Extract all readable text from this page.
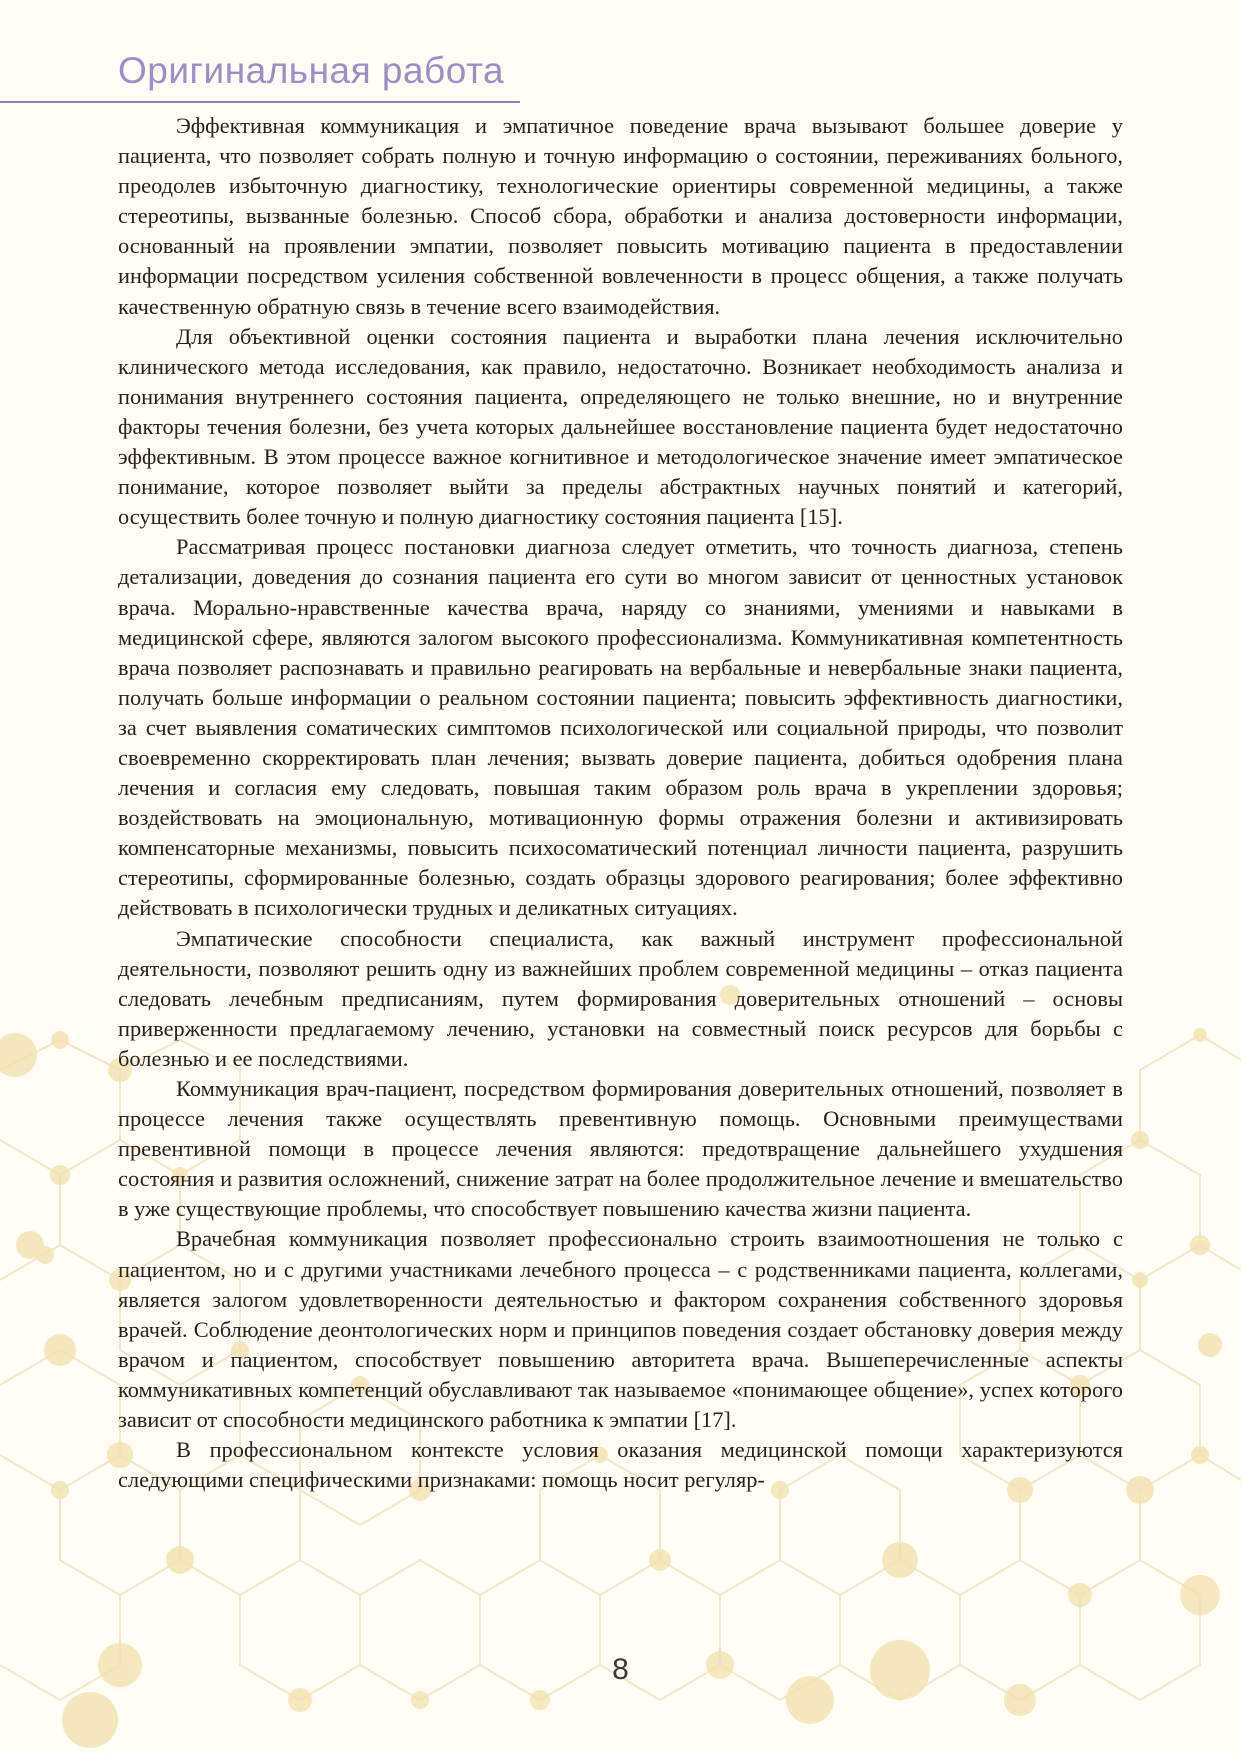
Оригинальная работа

Эффективная коммуникация и эмпатичное поведение врача вызывают большее доверие у пациента, что позволяет собрать полную и точную информацию о состоянии, переживаниях больного, преодолев избыточную диагностику, технологические ориентиры современной медицины, а также стереотипы, вызванные болезнью. Способ сбора, обработки и анализа достоверности информации, основанный на проявлении эмпатии, позволяет повысить мотивацию пациента в предоставлении информации посредством усиления собственной вовлеченности в процесс общения, а также получать качественную обратную связь в течение всего взаимодействия.

Для объективной оценки состояния пациента и выработки плана лечения исключительно клинического метода исследования, как правило, недостаточно. Возникает необходимость анализа и понимания внутреннего состояния пациента, определяющего не только внешние, но и внутренние факторы течения болезни, без учета которых дальнейшее восстановление пациента будет недостаточно эффективным. В этом процессе важное когнитивное и методологическое значение имеет эмпатическое понимание, которое позволяет выйти за пределы абстрактных научных понятий и категорий, осуществить более точную и полную диагностику состояния пациента [15].

Рассматривая процесс постановки диагноза следует отметить, что точность диагноза, степень детализации, доведения до сознания пациента его сути во многом зависит от ценностных установок врача. Морально-нравственные качества врача, наряду со знаниями, умениями и навыками в медицинской сфере, являются залогом высокого профессионализма. Коммуникативная компетентность врача позволяет распознавать и правильно реагировать на вербальные и невербальные знаки пациента, получать больше информации о реальном состоянии пациента; повысить эффективность диагностики, за счет выявления соматических симптомов психологической или социальной природы, что позволит своевременно скорректировать план лечения; вызвать доверие пациента, добиться одобрения плана лечения и согласия ему следовать, повышая таким образом роль врача в укреплении здоровья; воздействовать на эмоциональную, мотивационную формы отражения болезни и активизировать компенсаторные механизмы, повысить психосоматический потенциал личности пациента, разрушить стереотипы, сформированные болезнью, создать образцы здорового реагирования; более эффективно действовать в психологически трудных и деликатных ситуациях.

Эмпатические способности специалиста, как важный инструмент профессиональной деятельности, позволяют решить одну из важнейших проблем современной медицины – отказ пациента следовать лечебным предписаниям, путем формирования доверительных отношений – основы приверженности предлагаемому лечению, установки на совместный поиск ресурсов для борьбы с болезнью и ее последствиями.

Коммуникация врач-пациент, посредством формирования доверительных отношений, позволяет в процессе лечения также осуществлять превентивную помощь. Основными преимуществами превентивной помощи в процессе лечения являются: предотвращение дальнейшего ухудшения состояния и развития осложнений, снижение затрат на более продолжительное лечение и вмешательство в уже существующие проблемы, что способствует повышению качества жизни пациента.

Врачебная коммуникация позволяет профессионально строить взаимоотношения не только с пациентом, но и с другими участниками лечебного процесса – с родственниками пациента, коллегами, является залогом удовлетворенности деятельностью и фактором сохранения собственного здоровья врачей. Соблюдение деонтологических норм и принципов поведения создает обстановку доверия между врачом и пациентом, способствует повышению авторитета врача. Вышеперечисленные аспекты коммуникативных компетенций обуславливают так называемое «понимающее общение», успех которого зависит от способности медицинского работника к эмпатии [17].

В профессиональном контексте условия оказания медицинской помощи характеризуются следующими специфическими признаками: помощь носит регуляр-

8
